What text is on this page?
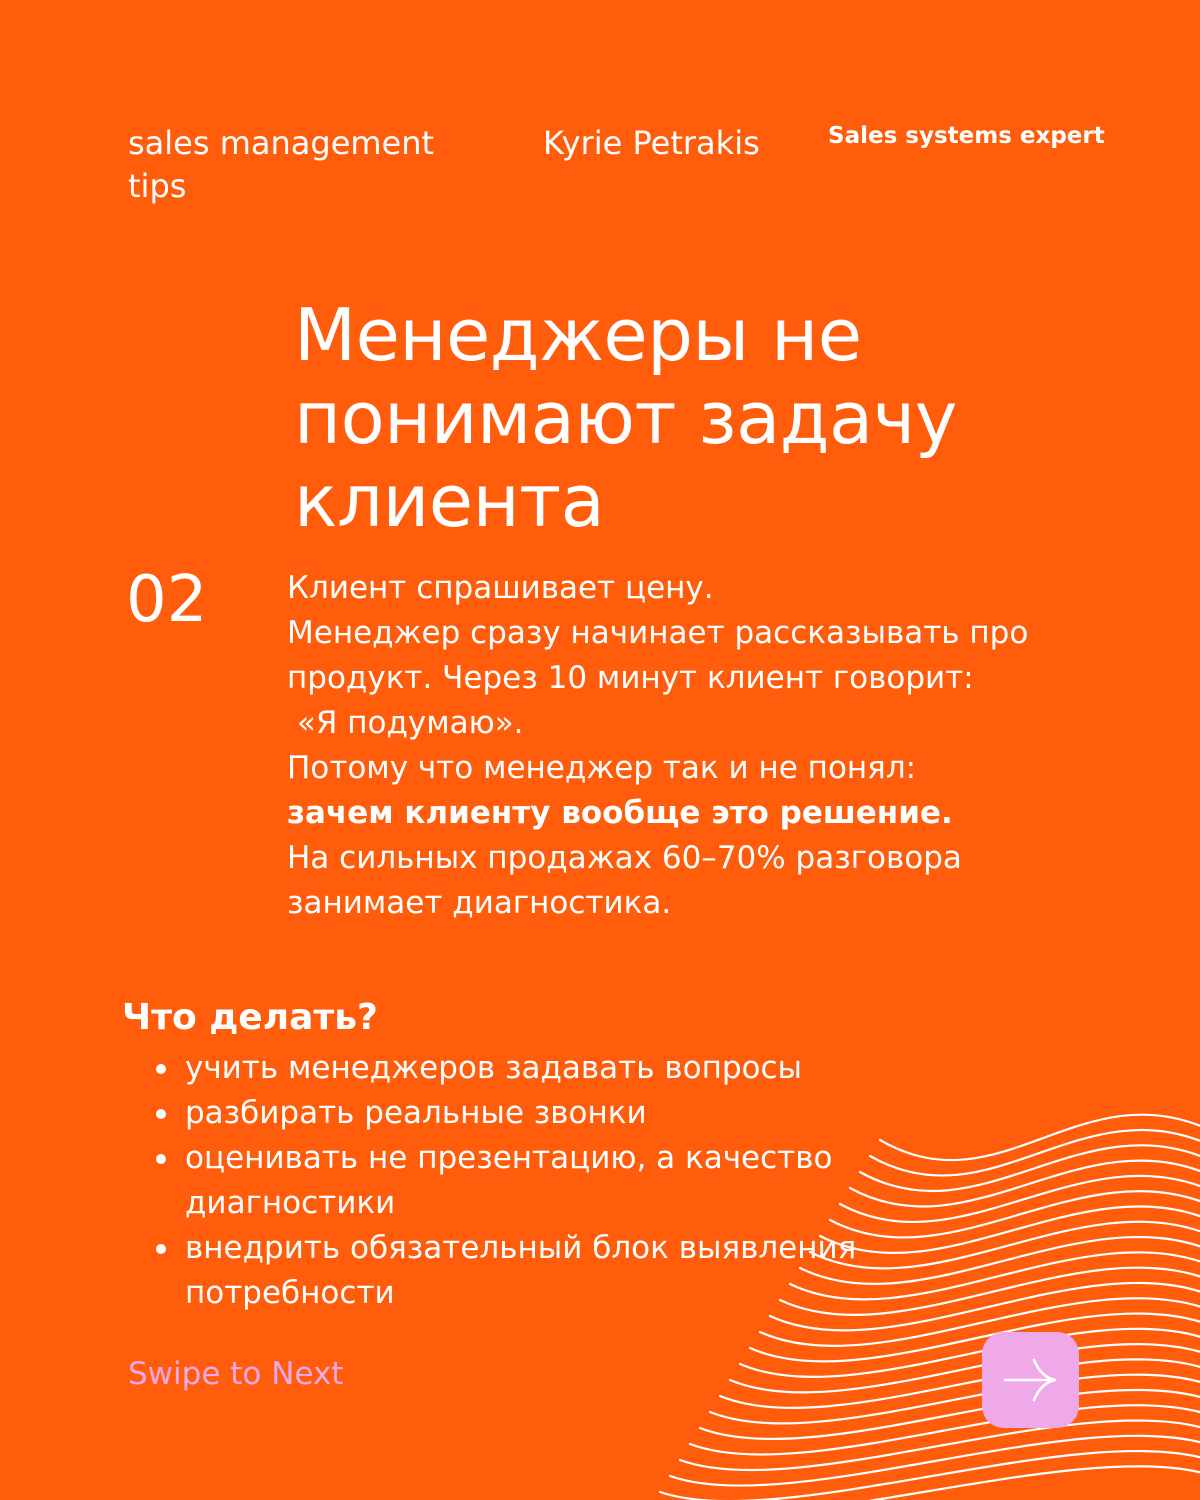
sales management tips
Kyrie Petrakis	Sales systems expert
Менеджеры не понимают задачу клиента
02	Клиент спрашивает цену.
Менеджер сразу начинает рассказывать про
продукт. Через 10 минут клиент говорит:
«Я подумаю».
Потому что менеджер так и не понял:
зачем клиенту вообще это решение.
На сильных продажах 60–70% разговора
занимает диагностика.
Что делать?
учить менеджеров задавать вопросы
разбирать реальные звонки
оценивать не презентацию, а качество диагностики
внедрить обязательный блок выявления потребности
Swipe to Next
